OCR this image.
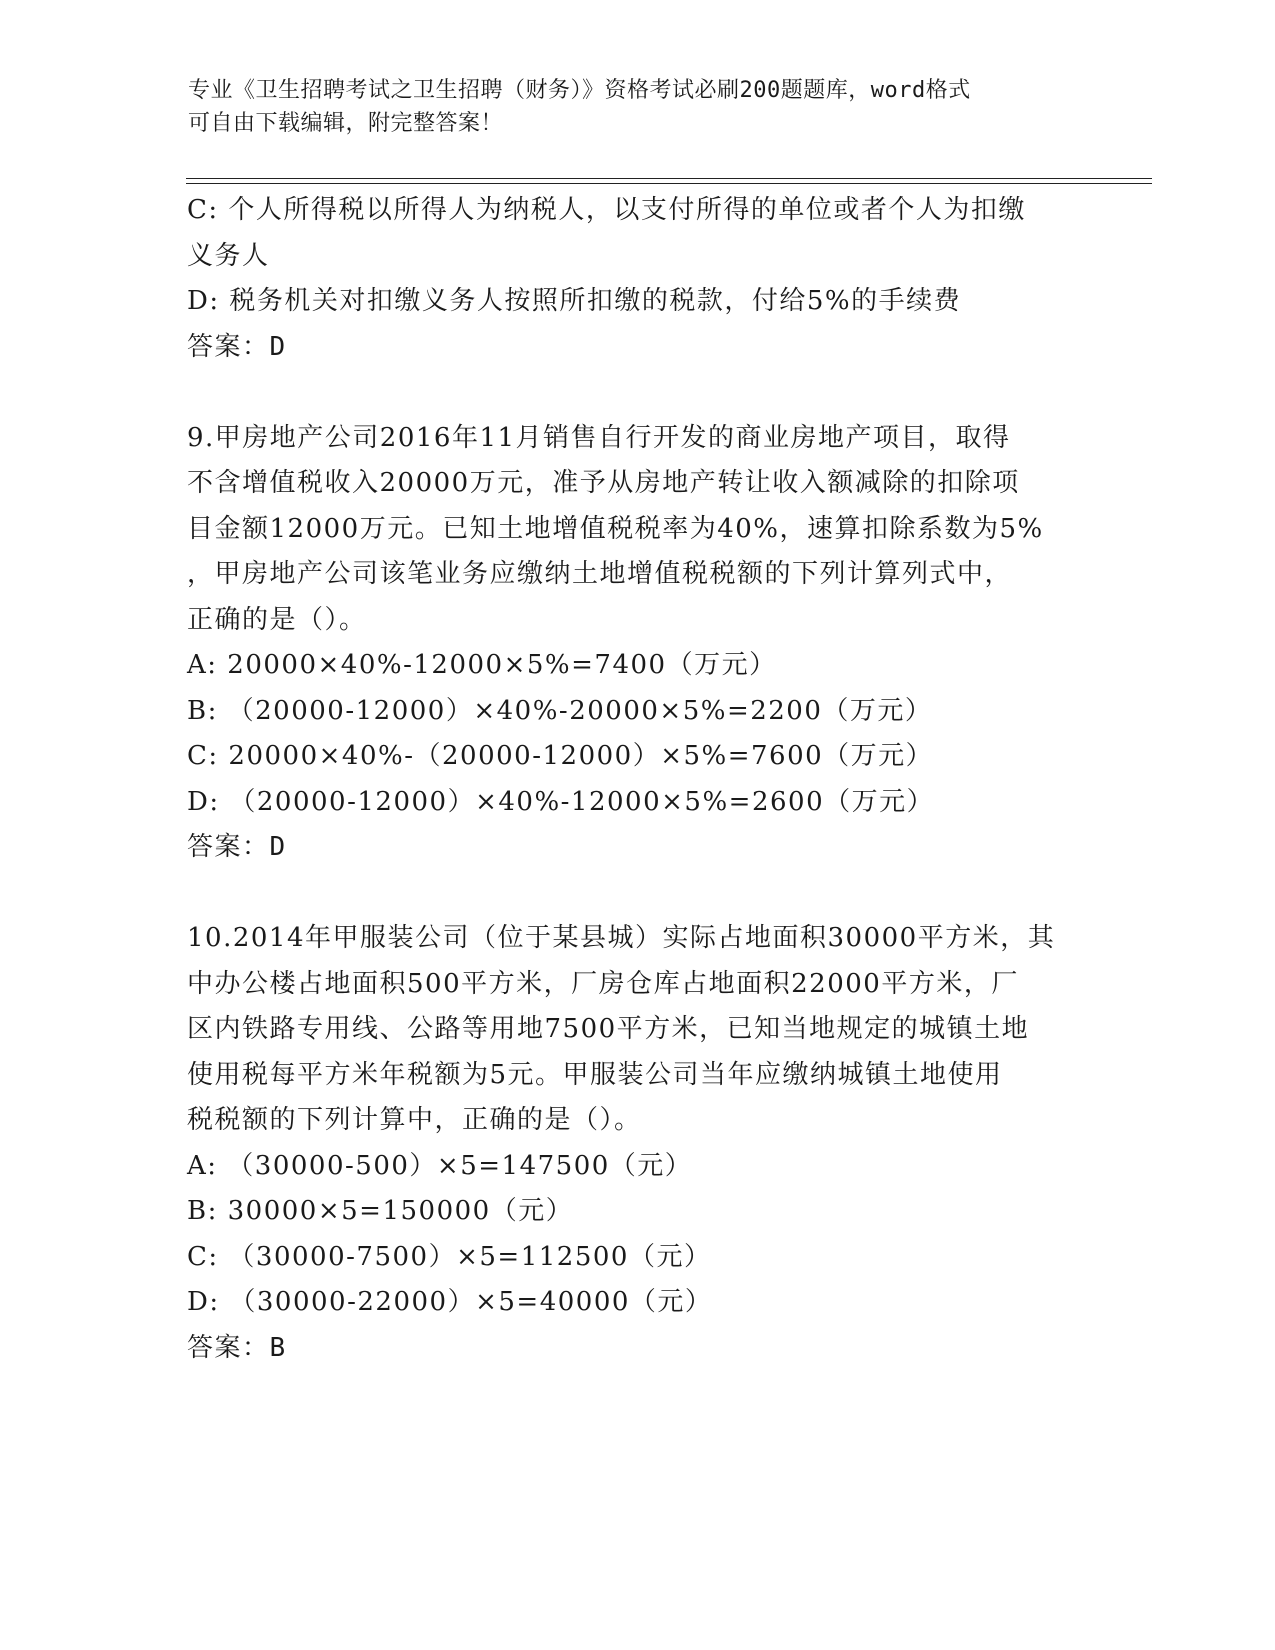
专业《卫生招聘考试之卫生招聘（财务）》资格考试必刷200题题库，word格式
可自由下载编辑，附完整答案！
C: 个人所得税以所得人为纳税人，以支付所得的单位或者个人为扣缴
义务人
D: 税务机关对扣缴义务人按照所扣缴的税款，付给5%的手续费
答案：D
9.甲房地产公司2016年11月销售自行开发的商业房地产项目，取得
不含增值税收入20000万元，准予从房地产转让收入额减除的扣除项
目金额12000万元。已知土地增值税税率为40%，速算扣除系数为5%
，甲房地产公司该笔业务应缴纳土地增值税税额的下列计算列式中，
正确的是（）。
A: 20000×40%-12000×5%=7400（万元）
B: （20000-12000）×40%-20000×5%=2200（万元）
C: 20000×40%-（20000-12000）×5%=7600（万元）
D: （20000-12000）×40%-12000×5%=2600（万元）
答案：D
10.2014年甲服装公司（位于某县城）实际占地面积30000平方米，其
中办公楼占地面积500平方米，厂房仓库占地面积22000平方米，厂
区内铁路专用线、公路等用地7500平方米，已知当地规定的城镇土地
使用税每平方米年税额为5元。甲服装公司当年应缴纳城镇土地使用
税税额的下列计算中，正确的是（）。
A: （30000-500）×5=147500（元）
B: 30000×5=150000（元）
C: （30000-7500）×5=112500（元）
D: （30000-22000）×5=40000（元）
答案：B
